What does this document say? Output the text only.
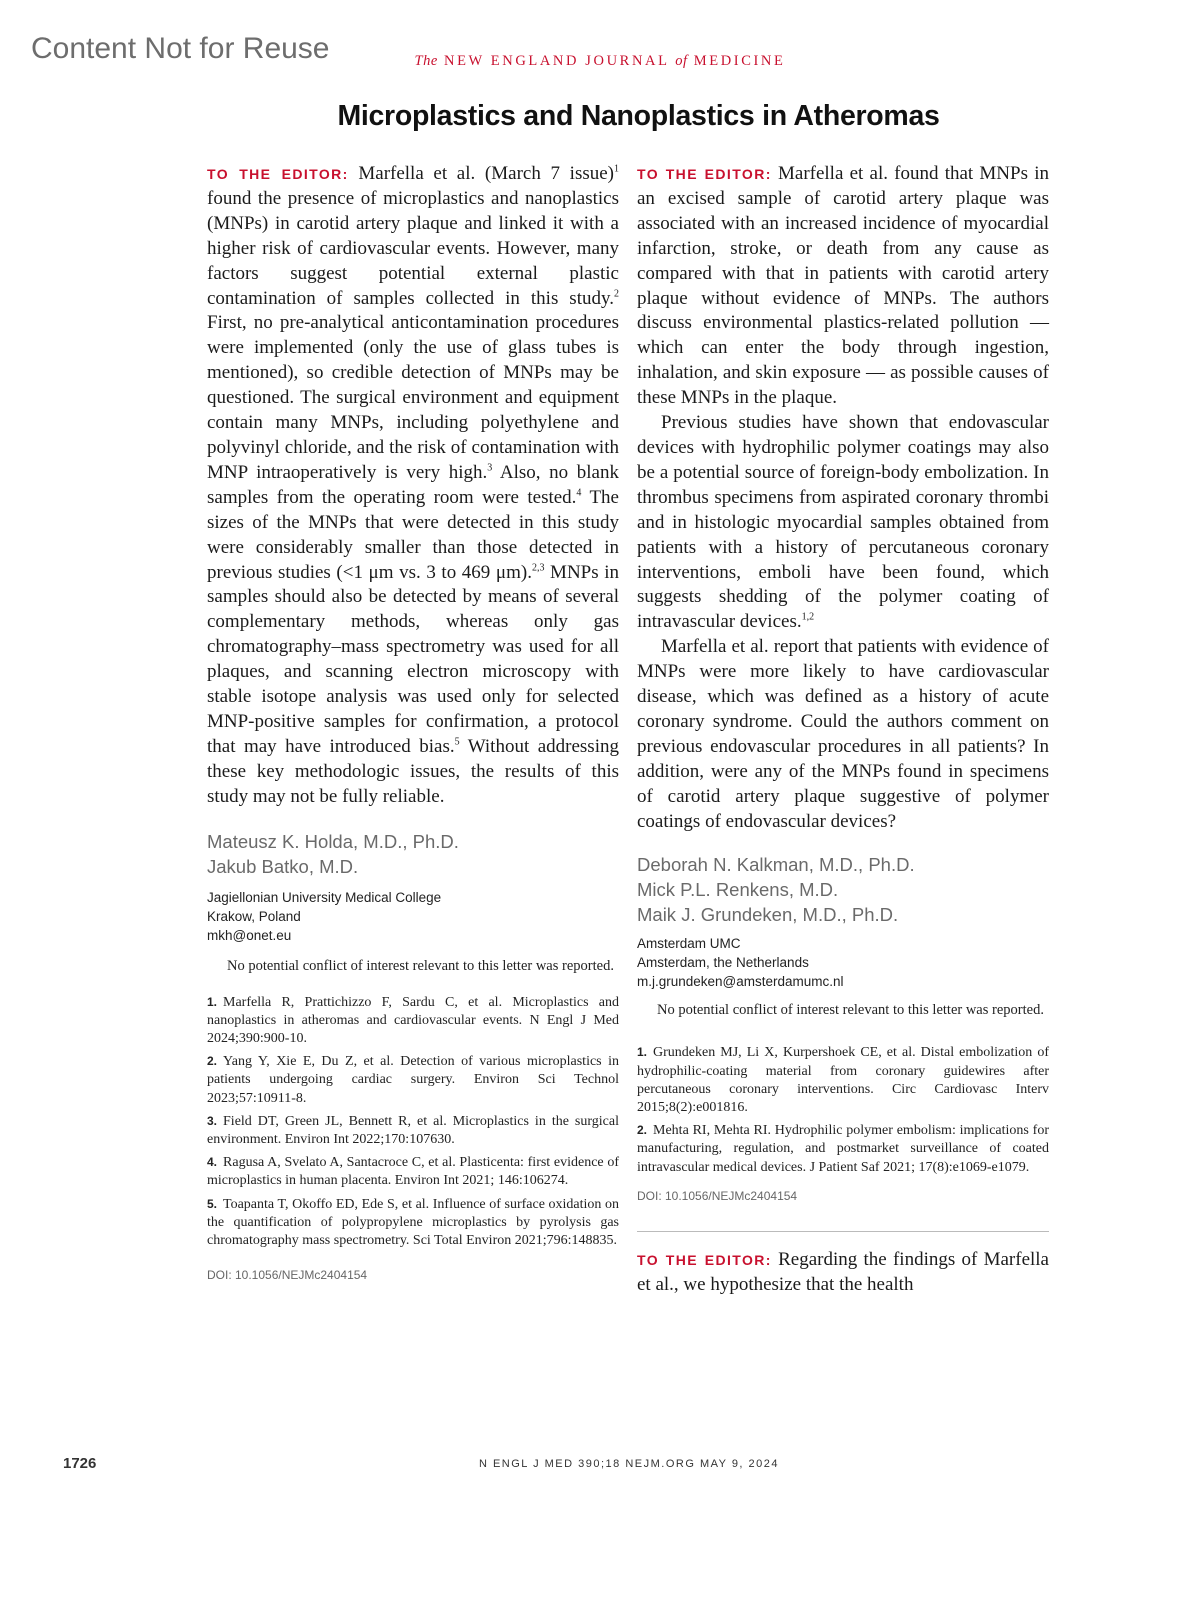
Content Not for Reuse	The NEW ENGLAND JOURNAL of MEDICINE
Microplastics and Nanoplastics in Atheromas

TO THE EDITOR: Marfella et al. (March 7 issue)$^1$ found the presence of microplastics and nanoplastics (MNPs) in carotid artery plaque and linked it with a higher risk of cardiovascular events. However, many factors suggest potential external plastic contamination of samples collected in this study.$^2$ First, no pre-analytical anticontamination procedures were implemented (only the use of glass tubes is mentioned), so credible detection of MNPs may be questioned. The surgical environment and equipment contain many MNPs, including polyethylene and polyvinyl chloride, and the risk of contamination with MNP intraoperatively is very high.$^3$ Also, no blank samples from the operating room were tested.$^4$ The sizes of the MNPs that were detected in this study were considerably smaller than those detected in previous studies (<1 μm vs. 3 to 469 μm).$^{2,3}$ MNPs in samples should also be detected by means of several complementary methods, whereas only gas chromatography–mass spectrometry was used for all plaques, and scanning electron microscopy with stable isotope analysis was used only for selected MNP-positive samples for confirmation, a protocol that may have introduced bias.$^5$ Without addressing these key methodologic issues, the results of this study may not be fully reliable.

Mateusz K. Holda, M.D., Ph.D.

Jakub Batko, M.D.

Jagiellonian University Medical College

Krakow, Poland

mkh@onet.eu

No potential conflict of interest relevant to this letter was reported.

1. Marfella R, Prattichizzo F, Sardu C, et al. Microplastics and nanoplastics in atheromas and cardiovascular events. N Engl J Med 2024;390:900-10.
2. Yang Y, Xie E, Du Z, et al. Detection of various microplastics in patients undergoing cardiac surgery. Environ Sci Technol 2023;57:10911-8.
3. Field DT, Green JL, Bennett R, et al. Microplastics in the surgical environment. Environ Int 2022;170:107630.
4. Ragusa A, Svelato A, Santacroce C, et al. Plasticenta: first evidence of microplastics in human placenta. Environ Int 2021; 146:106274.
5. Toapanta T, Okoffo ED, Ede S, et al. Influence of surface oxidation on the quantification of polypropylene microplastics by pyrolysis gas chromatography mass spectrometry. Sci Total Environ 2021;796:148835.

DOI: 10.1056/NEJMc2404154

TO THE EDITOR: Marfella et al. found that MNPs in an excised sample of carotid artery plaque was associated with an increased incidence of myocardial infarction, stroke, or death from any cause as compared with that in patients with carotid artery plaque without evidence of MNPs. The authors discuss environmental plastics-related pollution — which can enter the body through ingestion, inhalation, and skin exposure — as possible causes of these MNPs in the plaque.

Previous studies have shown that endovascular devices with hydrophilic polymer coatings may also be a potential source of foreign-body embolization. In thrombus specimens from aspirated coronary thrombi and in histologic myocardial samples obtained from patients with a history of percutaneous coronary interventions, emboli have been found, which suggests shedding of the polymer coating of intravascular devices.$^{1,2}$

Marfella et al. report that patients with evidence of MNPs were more likely to have cardiovascular disease, which was defined as a history of acute coronary syndrome. Could the authors comment on previous endovascular procedures in all patients? In addition, were any of the MNPs found in specimens of carotid artery plaque suggestive of polymer coatings of endovascular devices?

Deborah N. Kalkman, M.D., Ph.D.

Mick P.L. Renkens, M.D.

Maik J. Grundeken, M.D., Ph.D.

Amsterdam UMC

Amsterdam, the Netherlands

m.j.grundeken@amsterdamumc.nl

No potential conflict of interest relevant to this letter was reported.

1. Grundeken MJ, Li X, Kurpershoek CE, et al. Distal embolization of hydrophilic-coating material from coronary guidewires after percutaneous coronary interventions. Circ Cardiovasc Interv 2015;8(2):e001816.
2. Mehta RI, Mehta RI. Hydrophilic polymer embolism: implications for manufacturing, regulation, and postmarket surveillance of coated intravascular medical devices. J Patient Saf 2021; 17(8):e1069-e1079.

DOI: 10.1056/NEJMc2404154

TO THE EDITOR: Regarding the findings of Marfella et al., we hypothesize that the health

1726	N ENGL J MED 390;18 NEJM.ORG MAY 9, 2024
